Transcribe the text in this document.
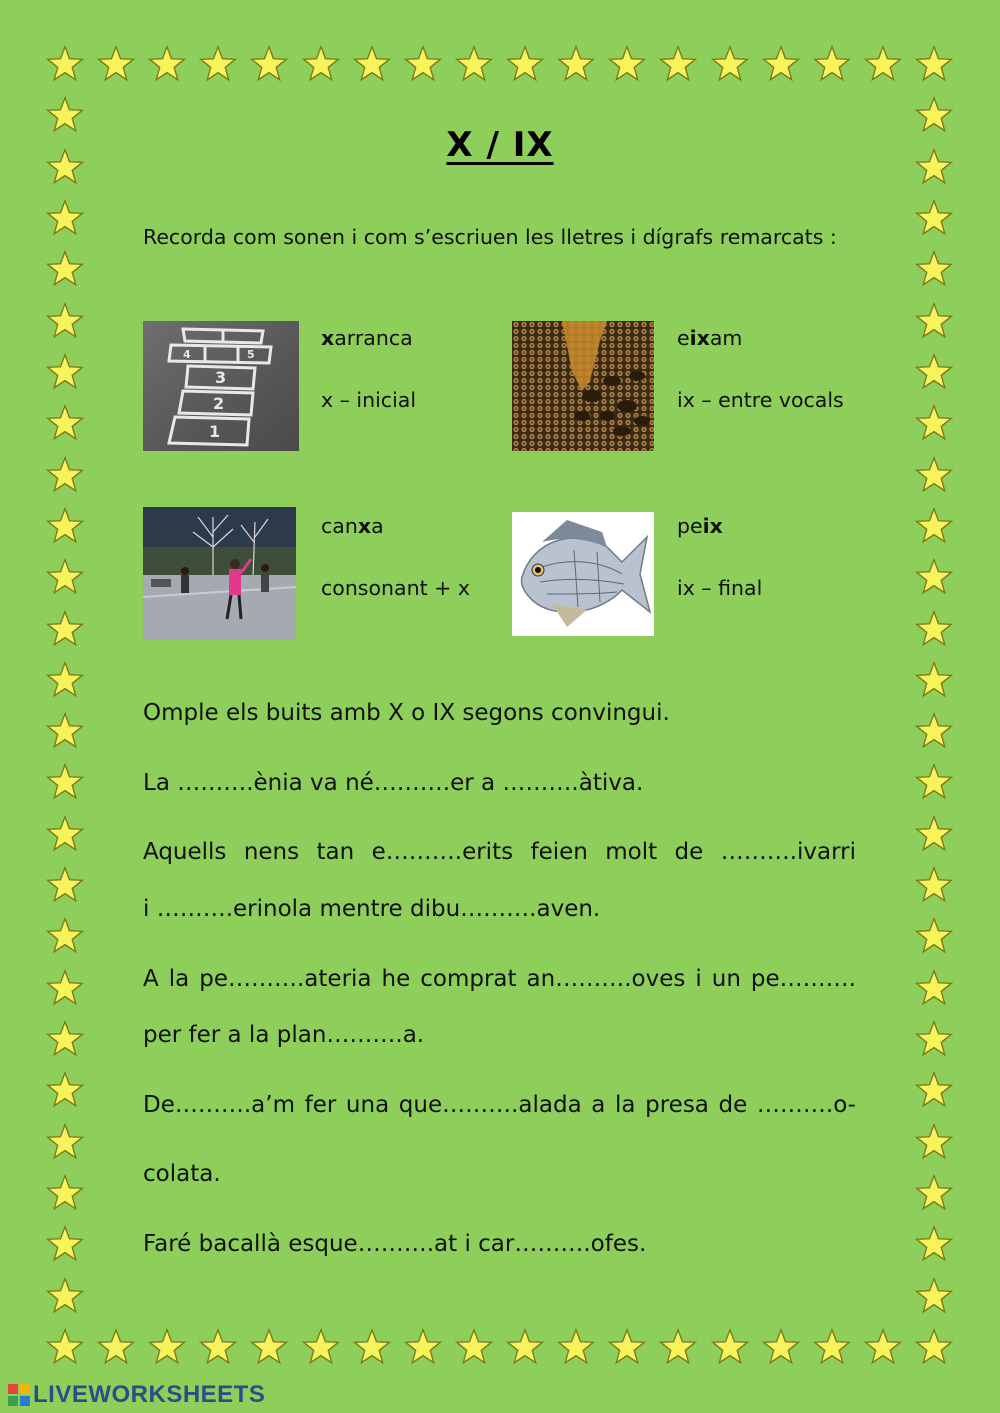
X / IX
Recorda com sonen i com s’escriuen les lletres i dígrafs remarcats :
2
1
3
4	5
xarranca
x – inicial
eixam
ix – entre vocals
canxa
consonant + x
peix
ix – final
Omple els buits amb X o IX segons convingui.
La ……….ènia va né……….er a ……….àtiva.
Aquells nens tan e……….erits feien molt de ……….ivarri
i ……….erinola mentre dibu……….aven.
A la pe……….ateria he comprat an……….oves i un pe……….
per fer a la plan……….a.
De……….a’m fer una que……….alada a la presa de ……….o-
colata.
Faré bacallà esque……….at i car……….ofes.
LIVEWORKSHEETS
